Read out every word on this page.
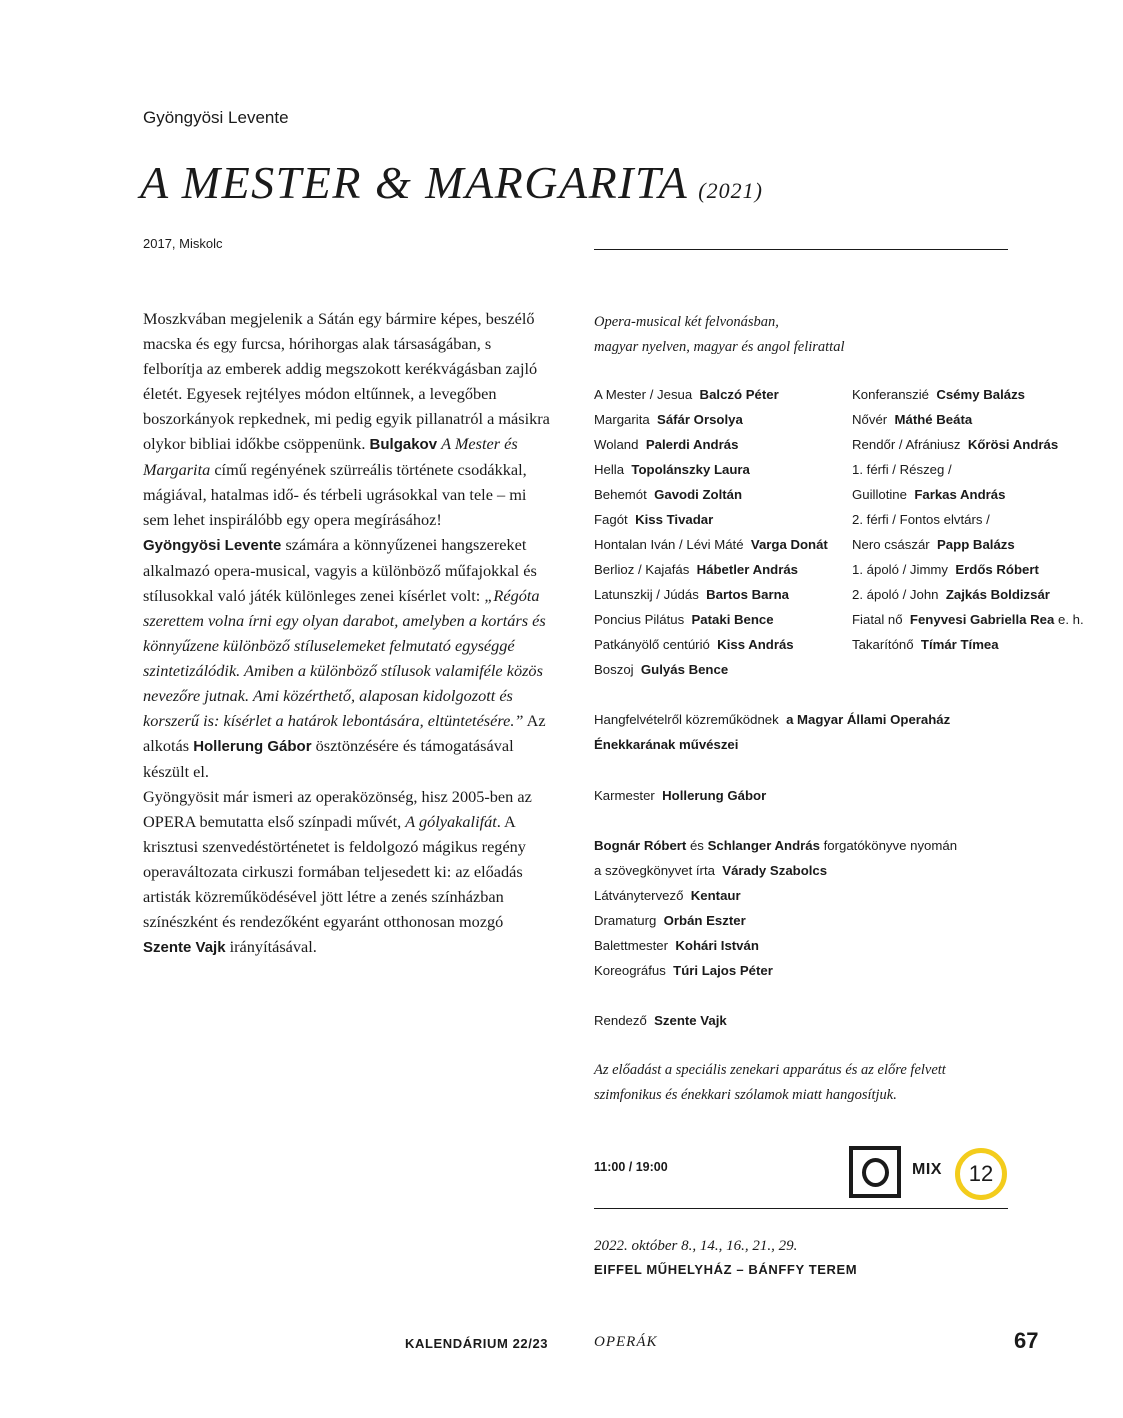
Gyöngyösi Levente
A MESTER & MARGARITA (2021)
2017, Miskolc

Moszkvában megjelenik a Sátán egy bármire képes, beszélő macska és egy furcsa, hórihorgas alak társaságában, s felborítja az emberek addig megszokott kerékvágásban zajló életét. Egyesek rejtélyes módon eltűnnek, a levegőben boszorkányok repkednek, mi pedig egyik pillanatról a másikra olykor bibliai időkbe csöppenünk. Bulgakov A Mester és Margarita című regényének szürreális története csodákkal, mágiával, hatalmas idő- és térbeli ugrásokkal van tele – mi sem lehet inspirálóbb egy opera megírásához!

Gyöngyösi Levente számára a könnyűzenei hangszereket alkalmazó opera-musical, vagyis a különböző műfajokkal és stílusokkal való játék különleges zenei kísérlet volt: „Régóta szerettem volna írni egy olyan darabot, amelyben a kortárs és könnyűzene különböző stíluselemeket felmutató egységgé szintetizálódik. Amiben a különböző stílusok valamiféle közös nevezőre jutnak. Ami közérthető, alaposan kidolgozott és korszerű is: kísérlet a határok lebontására, eltüntetésére.” Az alkotás Hollerung Gábor ösztönzésére és támogatásával készült el.

Gyöngyösit már ismeri az operaközönség, hisz 2005-ben az OPERA bemutatta első színpadi művét, A gólyakalifát. A krisztusi szenvedéstörténetet is feldolgozó mágikus regény operaváltozata cirkuszi formában teljesedett ki: az előadás artisták közreműködésével jött létre a zenés színházban színészként és rendezőként egyaránt otthonosan mozgó Szente Vajk irányításával.

Opera-musical két felvonásban,
magyar nyelven, magyar és angol felirattal
A Mester / Jesua Balczó Péter
Margarita Sáfár Orsolya
Woland Palerdi András
Hella Topolánszky Laura
Behemót Gavodi Zoltán
Fagót Kiss Tivadar
Hontalan Iván / Lévi Máté Varga Donát
Berlioz / Kajafás Hábetler András
Latunszkij / Júdás Bartos Barna
Poncius Pilátus Pataki Bence
Patkányölő centúrió Kiss András
Boszoj Gulyás Bence
Konferanszié Csémy Balázs
Nővér Máthé Beáta
Rendőr / Afrániusz Kőrösi András
1. férfi / Részeg /
Guillotine Farkas András
2. férfi / Fontos elvtárs /
Nero császár Papp Balázs
1. ápoló / Jimmy Erdős Róbert
2. ápoló / John Zajkás Boldizsár
Fiatal nő Fenyvesi Gabriella Rea e. h.
Takarítónő Tímár Tímea
Hangfelvételről közreműködnek a Magyar Állami Operaház
Énekkarának művészei
Karmester Hollerung Gábor
Bognár Róbert és Schlanger András forgatókönyve nyomán
a szövegkönyvet írta Várady Szabolcs
Látványtervező Kentaur
Dramaturg Orbán Eszter
Balettmester Kohári István
Koreográfus Túri Lajos Péter
Rendező Szente Vajk
Az előadást a speciális zenekari apparátus és az előre felvett
szimfonikus és énekkari szólamok miatt hangosítjuk.
11:00 / 19:00	MIX	12
2022. október 8., 14., 16., 21., 29.
EIFFEL MŰHELYHÁZ – BÁNFFY TEREM
KALENDÁRIUM 22/23	OPERÁK	67
